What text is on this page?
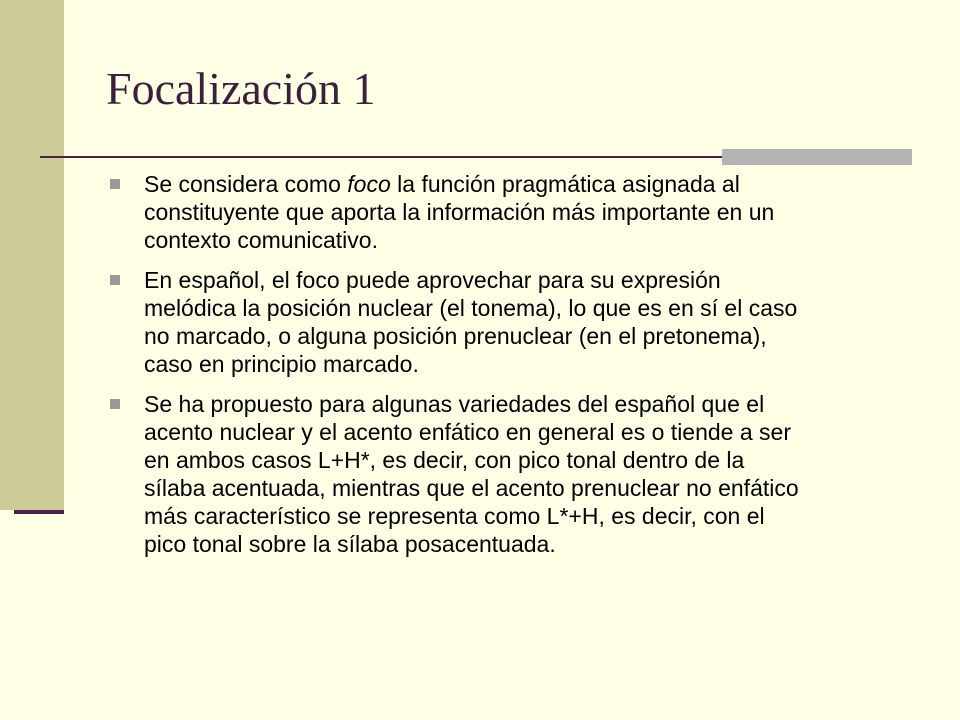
Focalización 1
Se considera como foco la función pragmática asignada al
constituyente que aporta la información más importante en un
contexto comunicativo.
En español, el foco puede aprovechar para su expresión
melódica la posición nuclear (el tonema), lo que es en sí el caso
no marcado, o alguna posición prenuclear (en el pretonema),
caso en principio marcado.
Se ha propuesto para algunas variedades del español que el
acento nuclear y el acento enfático en general es o tiende a ser
en ambos casos L+H*, es decir, con pico tonal dentro de la
sílaba acentuada, mientras que el acento prenuclear no enfático
más característico se representa como L*+H, es decir, con el
pico tonal sobre la sílaba posacentuada.
